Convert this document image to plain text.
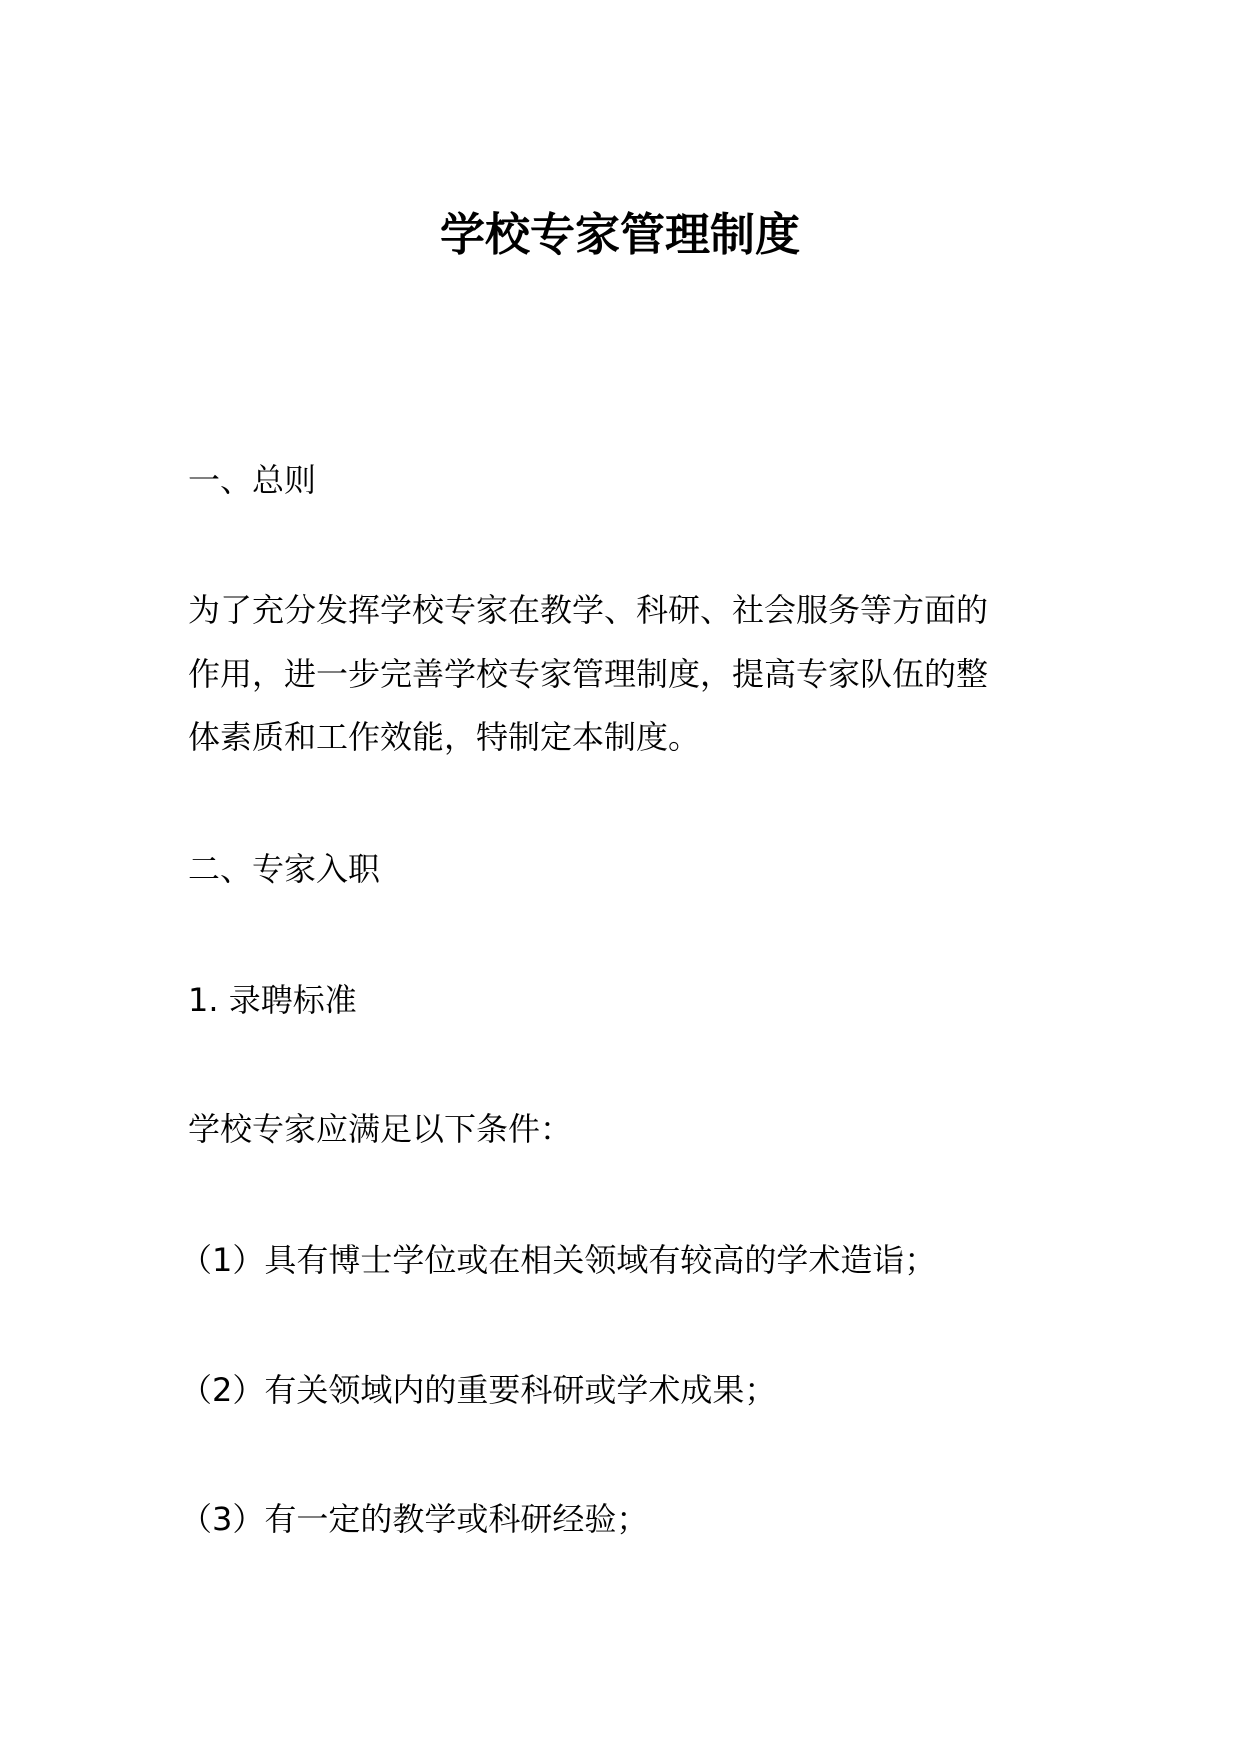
学校专家管理制度
一、总则
为了充分发挥学校专家在教学、科研、社会服务等方面的
作用，进一步完善学校专家管理制度，提高专家队伍的整
体素质和工作效能，特制定本制度。
二、专家入职
1. 录聘标准
学校专家应满足以下条件：
（1）具有博士学位或在相关领域有较高的学术造诣；
（2）有关领域内的重要科研或学术成果；
（3）有一定的教学或科研经验；
